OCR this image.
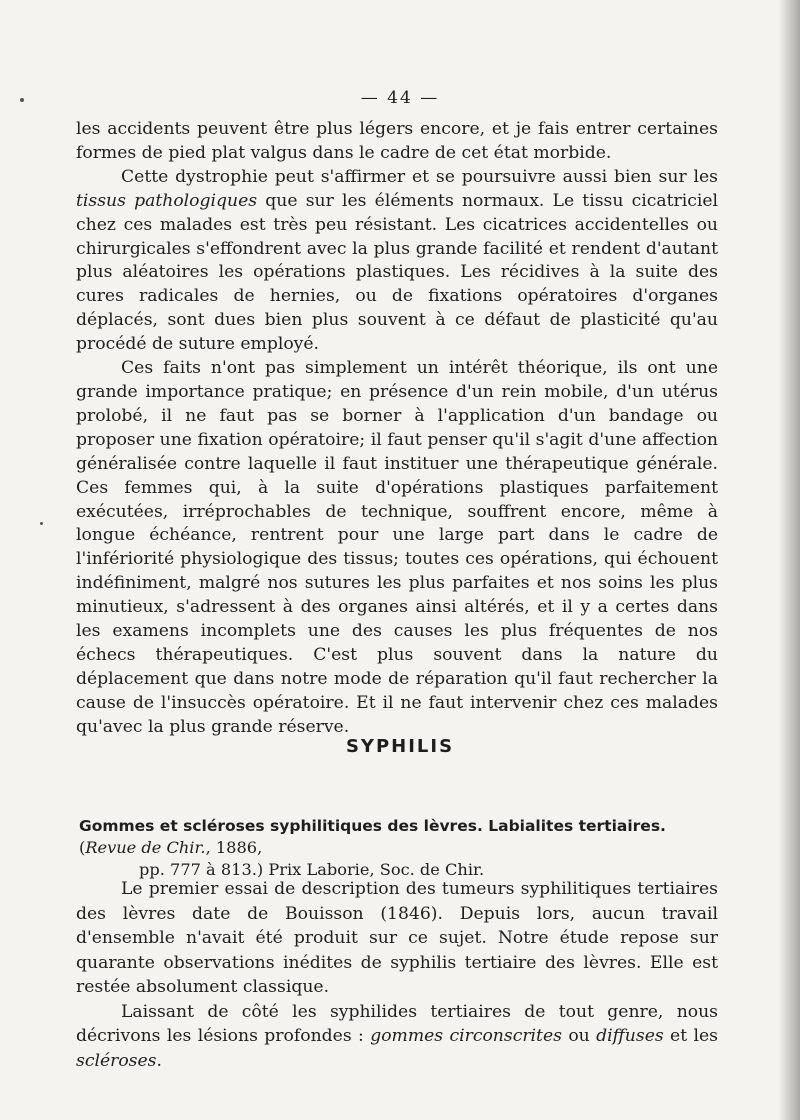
— 44 —

les accidents peuvent être plus légers encore, et je fais entrer certaines formes de pied plat valgus dans le cadre de cet état morbide.

Cette dystrophie peut s'affirmer et se poursuivre aussi bien sur les tissus pathologiques que sur les éléments normaux. Le tissu cicatriciel chez ces malades est très peu résistant. Les cicatrices accidentelles ou chirurgicales s'effondrent avec la plus grande facilité et rendent d'autant plus aléatoires les opérations plastiques. Les récidives à la suite des cures radicales de hernies, ou de fixations opératoires d'organes déplacés, sont dues bien plus souvent à ce défaut de plasticité qu'au procédé de suture employé.

Ces faits n'ont pas simplement un intérêt théorique, ils ont une grande importance pratique; en présence d'un rein mobile, d'un utérus prolobé, il ne faut pas se borner à l'application d'un bandage ou proposer une fixation opératoire; il faut penser qu'il s'agit d'une affection généralisée contre laquelle il faut instituer une thérapeutique générale. Ces femmes qui, à la suite d'opérations plastiques parfaitement exécutées, irréprochables de technique, souffrent encore, même à longue échéance, rentrent pour une large part dans le cadre de l'infériorité physiologique des tissus; toutes ces opérations, qui échouent indéfiniment, malgré nos sutures les plus parfaites et nos soins les plus minutieux, s'adressent à des organes ainsi altérés, et il y a certes dans les examens incomplets une des causes les plus fréquentes de nos échecs thérapeutiques. C'est plus souvent dans la nature du déplacement que dans notre mode de réparation qu'il faut rechercher la cause de l'insuccès opératoire. Et il ne faut intervenir chez ces malades qu'avec la plus grande réserve.

SYPHILIS
Gommes et scléroses syphilitiques des lèvres. Labialites tertiaires. (Revue de Chir., 1886,
pp. 777 à 813.) Prix Laborie, Soc. de Chir.

Le premier essai de description des tumeurs syphilitiques tertiaires des lèvres date de Bouisson (1846). Depuis lors, aucun travail d'ensemble n'avait été produit sur ce sujet. Notre étude repose sur quarante observations inédites de syphilis tertiaire des lèvres. Elle est restée absolument classique.

Laissant de côté les syphilides tertiaires de tout genre, nous décrivons les lésions profondes : gommes circonscrites ou diffuses et les scléroses.
